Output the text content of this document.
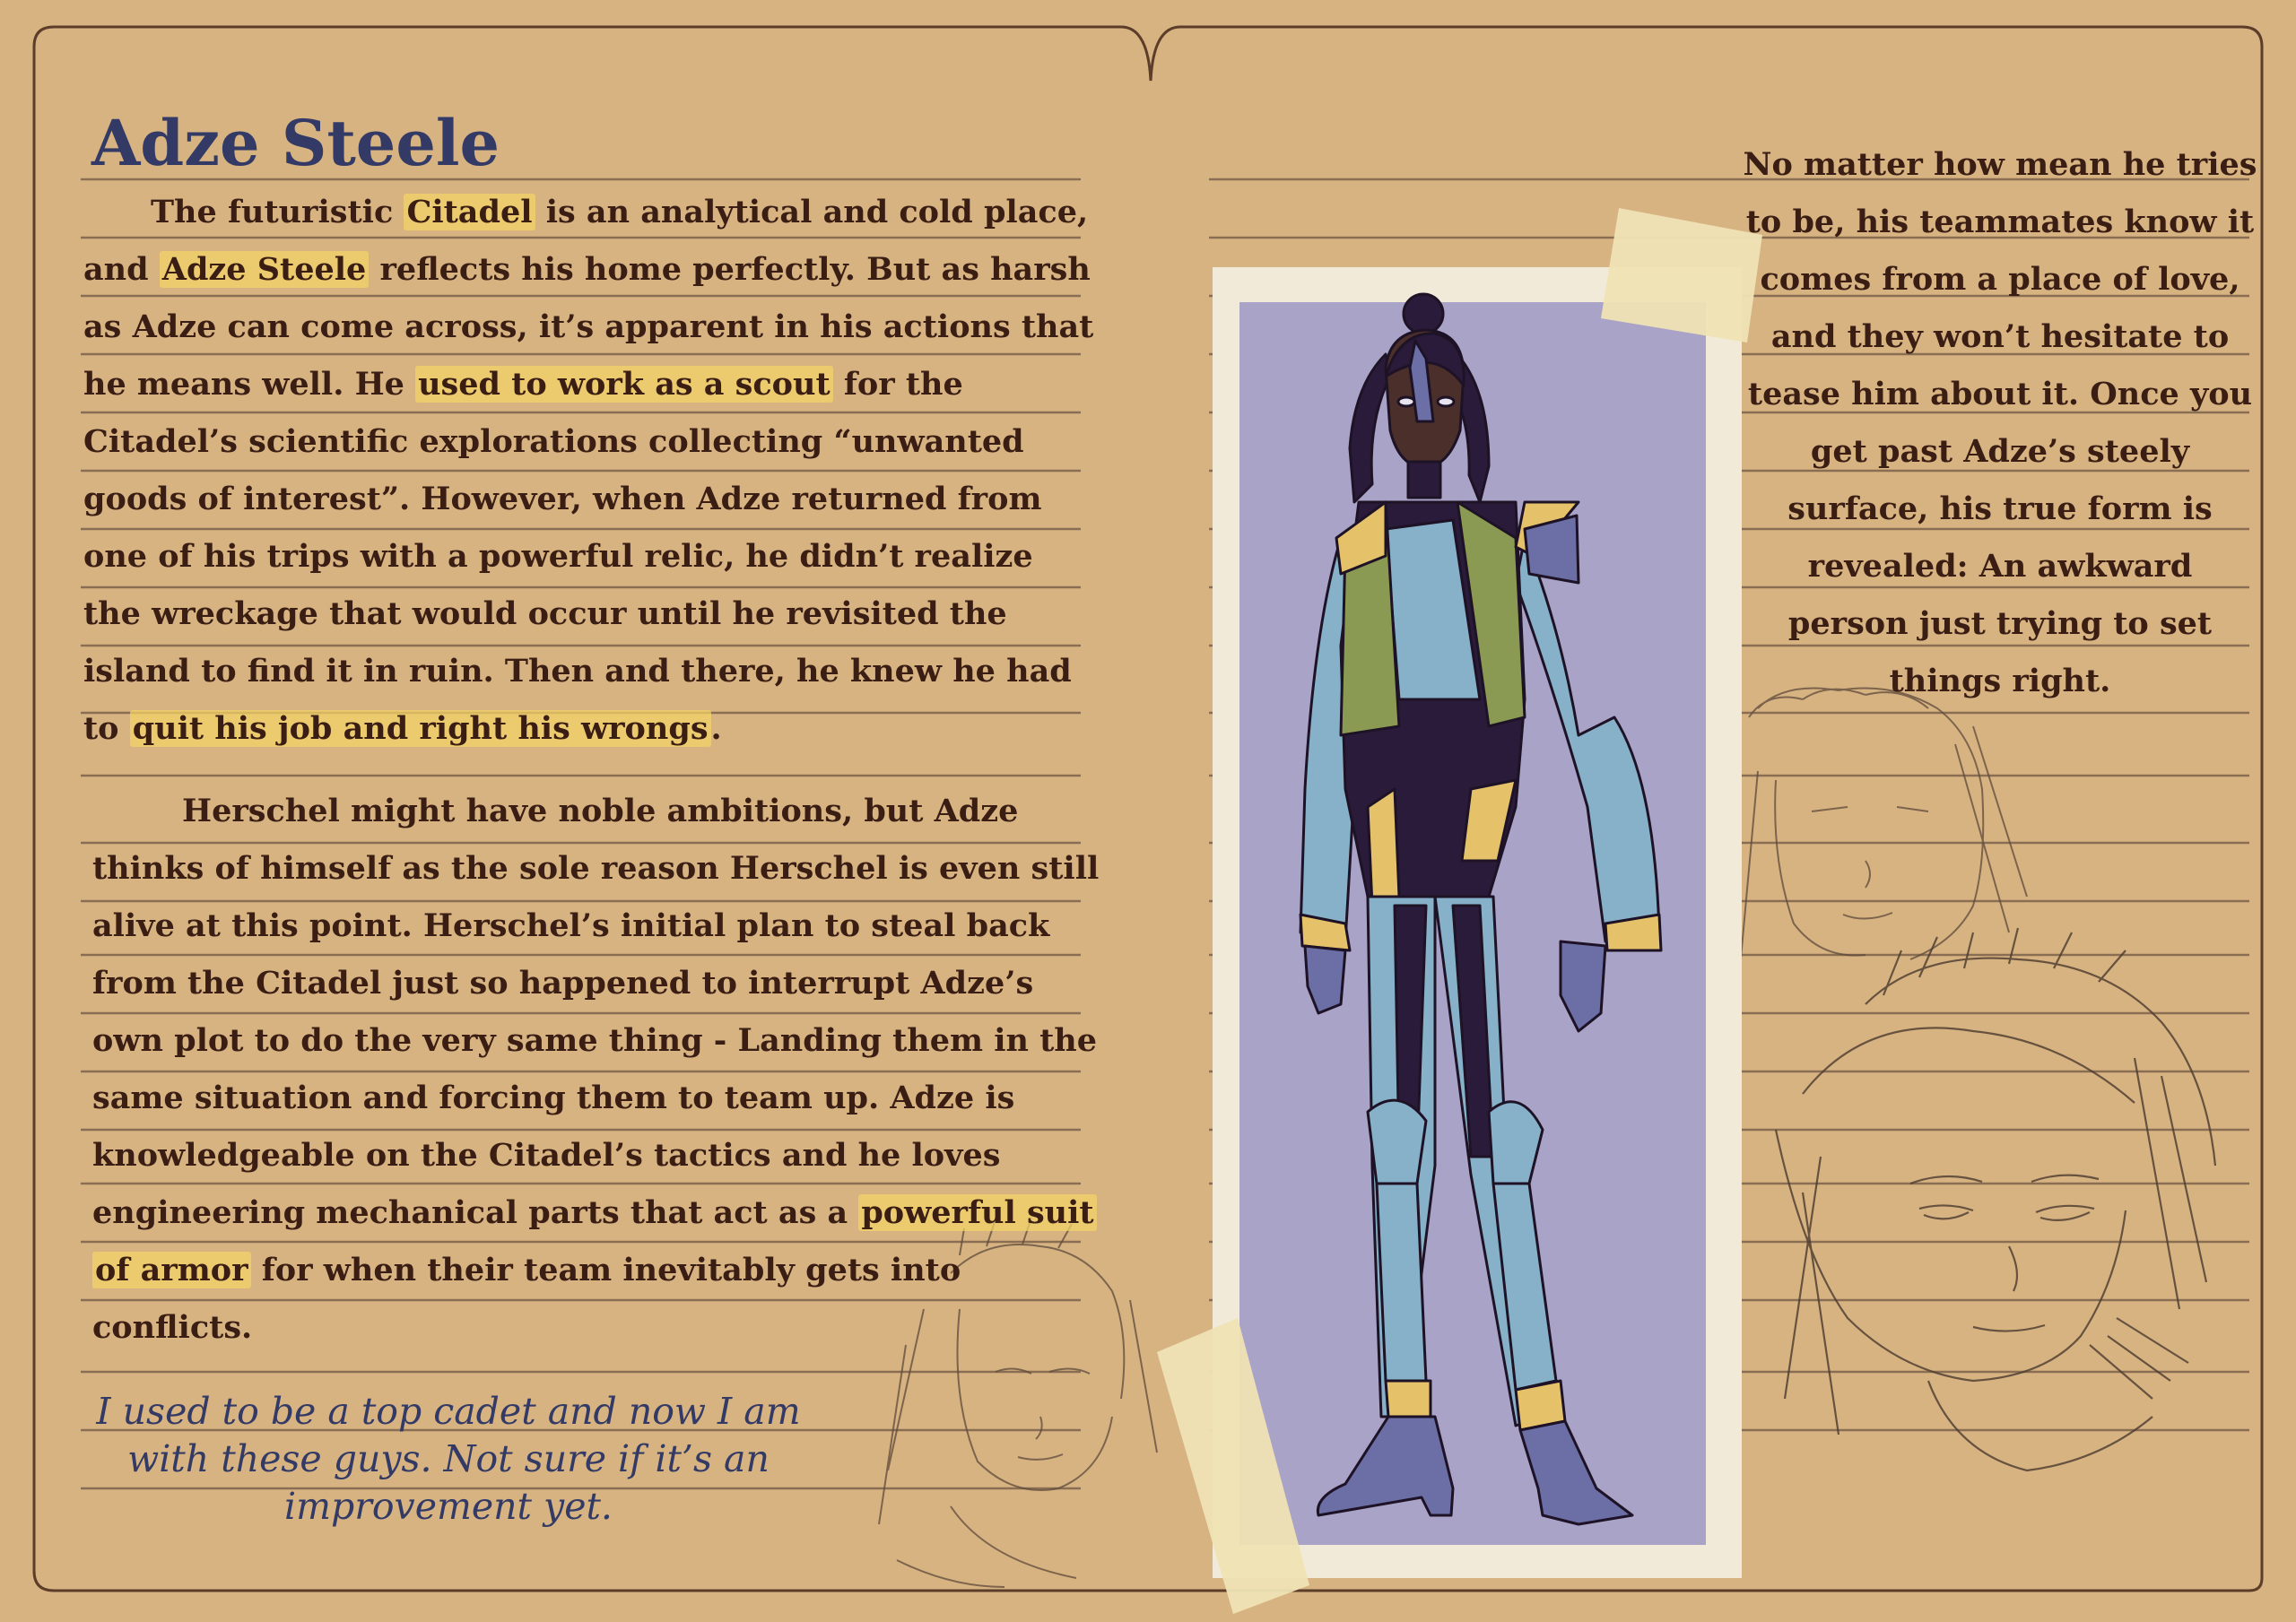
Adze Steele
The futuristic Citadel is an analytical and cold place,
and Adze Steele reflects his home perfectly. But as harsh
as Adze can come across, it’s apparent in his actions that
he means well. He used to work as a scout for the
Citadel’s scientific explorations collecting “unwanted
goods of interest”. However, when Adze returned from
one of his trips with a powerful relic, he didn’t realize
the wreckage that would occur until he revisited the
island to find it in ruin. Then and there, he knew he had
to quit his job and right his wrongs.
Herschel might have noble ambitions, but Adze
thinks of himself as the sole reason Herschel is even still
alive at this point. Herschel’s initial plan to steal back
from the Citadel just so happened to interrupt Adze’s
own plot to do the very same thing - Landing them in the
same situation and forcing them to team up. Adze is
knowledgeable on the Citadel’s tactics and he loves
engineering mechanical parts that act as a powerful suit
of armor for when their team inevitably gets into
conflicts.
No matter how mean he tries
to be, his teammates know it
comes from a place of love,
and they won’t hesitate to
tease him about it. Once you
get past Adze’s steely
surface, his true form is
revealed: An awkward
person just trying to set
things right.
I used to be a top cadet and now I am
with these guys. Not sure if it’s an
improvement yet.
